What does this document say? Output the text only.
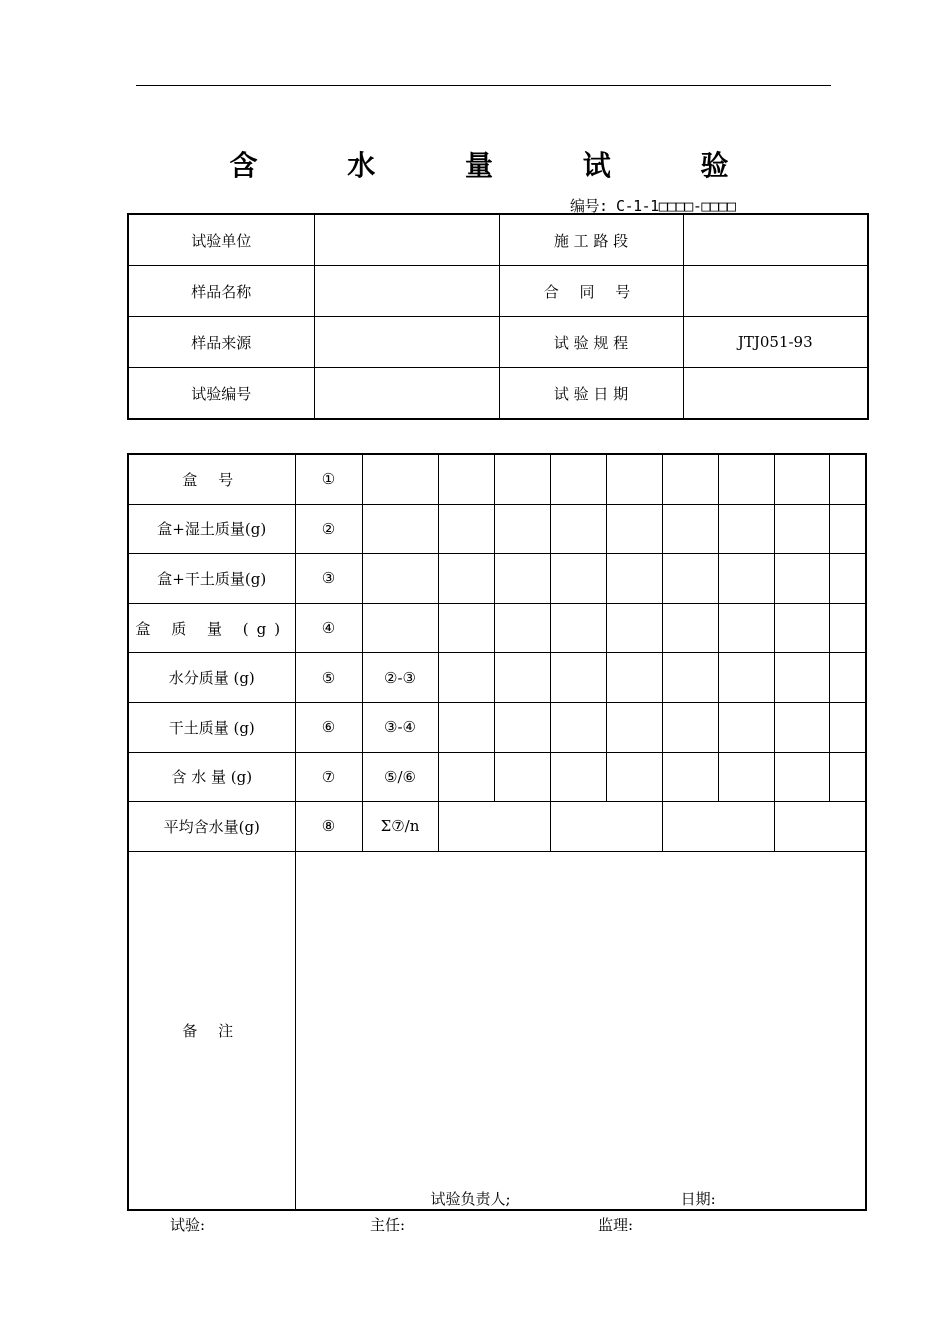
含 水 量 试 验
编号: C-1-1□□□□-□□□□
试验单位		施 工 路 段	
样品名称		合 同 号	
样品来源		试 验 规 程	JTJ051-93
试验编号		试 验 日 期	
盒 号	①									
盒+湿土质量(g)	②									
盒+干土质量(g)	③									
盒 质 量 (g)	④									
水分质量 (g)	⑤	②-③								
干土质量 (g)	⑥	③-④								
含 水 量 (g)	⑦	⑤/⑥								
平均含水量(g)	⑧	Σ⑦/n								
备 注	试验负责人; 日期:									
试验:	主任:	监理:
